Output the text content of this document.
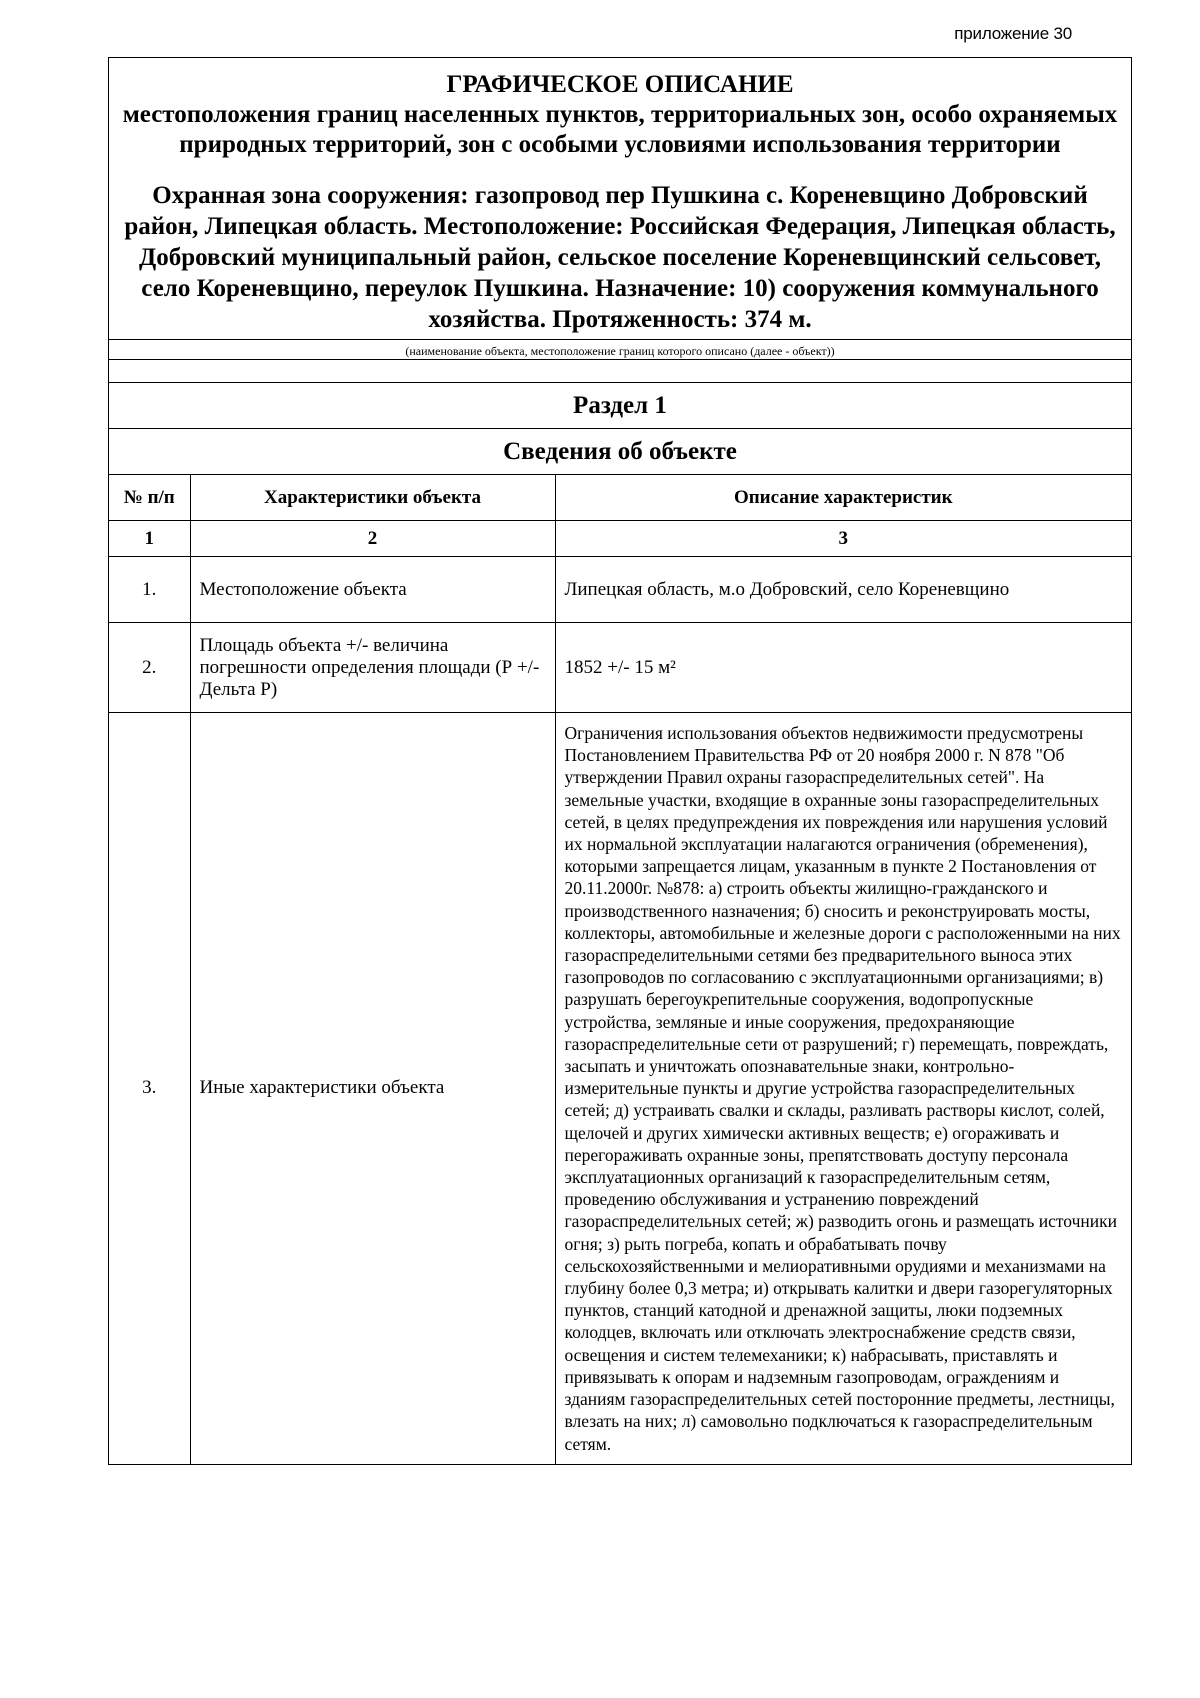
приложение 30
ГРАФИЧЕСКОЕ ОПИСАНИЕ
местоположения границ населенных пунктов, территориальных зон, особо охраняемых природных территорий, зон с особыми условиями использования территории
Охранная зона сооружения: газопровод пер Пушкина с. Кореневщино Добровский район, Липецкая область. Местоположение: Российская Федерация, Липецкая область, Добровский муниципальный район, сельское поселение Кореневщинский сельсовет, село Кореневщино, переулок Пушкина. Назначение: 10) сооружения коммунального хозяйства. Протяженность: 374 м.
(наименование объекта, местоположение границ которого описано (далее - объект))
Раздел 1
Сведения об объекте
№ п/п	Характеристики объекта	Описание характеристик
1	2	3
1.	Местоположение объекта	Липецкая область, м.о Добровский, село Кореневщино

2.	Площадь объекта +/- величина погрешности определения площади (Р +/- Дельта Р)	1852 +/- 15 м²

3.	Иные характеристики объекта	Ограничения использования объектов недвижимости предусмотрены Постановлением Правительства РФ от 20 ноября 2000 г. N 878 "Об утверждении Правил охраны газораспределительных сетей". На земельные участки, входящие в охранные зоны газораспределительных сетей, в целях предупреждения их повреждения или нарушения условий их нормальной эксплуатации налагаются ограничения (обременения), которыми запрещается лицам, указанным в пункте 2 Постановления от 20.11.2000г. №878: а) строить объекты жилищно-гражданского и производственного назначения; б) сносить и реконструировать мосты, коллекторы, автомобильные и железные дороги с расположенными на них газораспределительными сетями без предварительного выноса этих газопроводов по согласованию с эксплуатационными организациями; в) разрушать берегоукрепительные сооружения, водопропускные устройства, земляные и иные сооружения, предохраняющие газораспределительные сети от разрушений; г) перемещать, повреждать, засыпать и уничтожать опознавательные знаки, контрольно-измерительные пункты и другие устройства газораспределительных сетей; д) устраивать свалки и склады, разливать растворы кислот, солей, щелочей и других химически активных веществ; е) огораживать и перегораживать охранные зоны, препятствовать доступу персонала эксплуатационных организаций к газораспределительным сетям, проведению обслуживания и устранению повреждений газораспределительных сетей; ж) разводить огонь и размещать источники огня; з) рыть погреба, копать и обрабатывать почву сельскохозяйственными и мелиоративными орудиями и механизмами на глубину более 0,3 метра; и) открывать калитки и двери газорегуляторных пунктов, станций катодной и дренажной защиты, люки подземных колодцев, включать или отключать электроснабжение средств связи, освещения и систем телемеханики; к) набрасывать, приставлять и привязывать к опорам и надземным газопроводам, ограждениям и зданиям газораспределительных сетей посторонние предметы, лестницы, влезать на них; л) самовольно подключаться к газораспределительным сетям.
